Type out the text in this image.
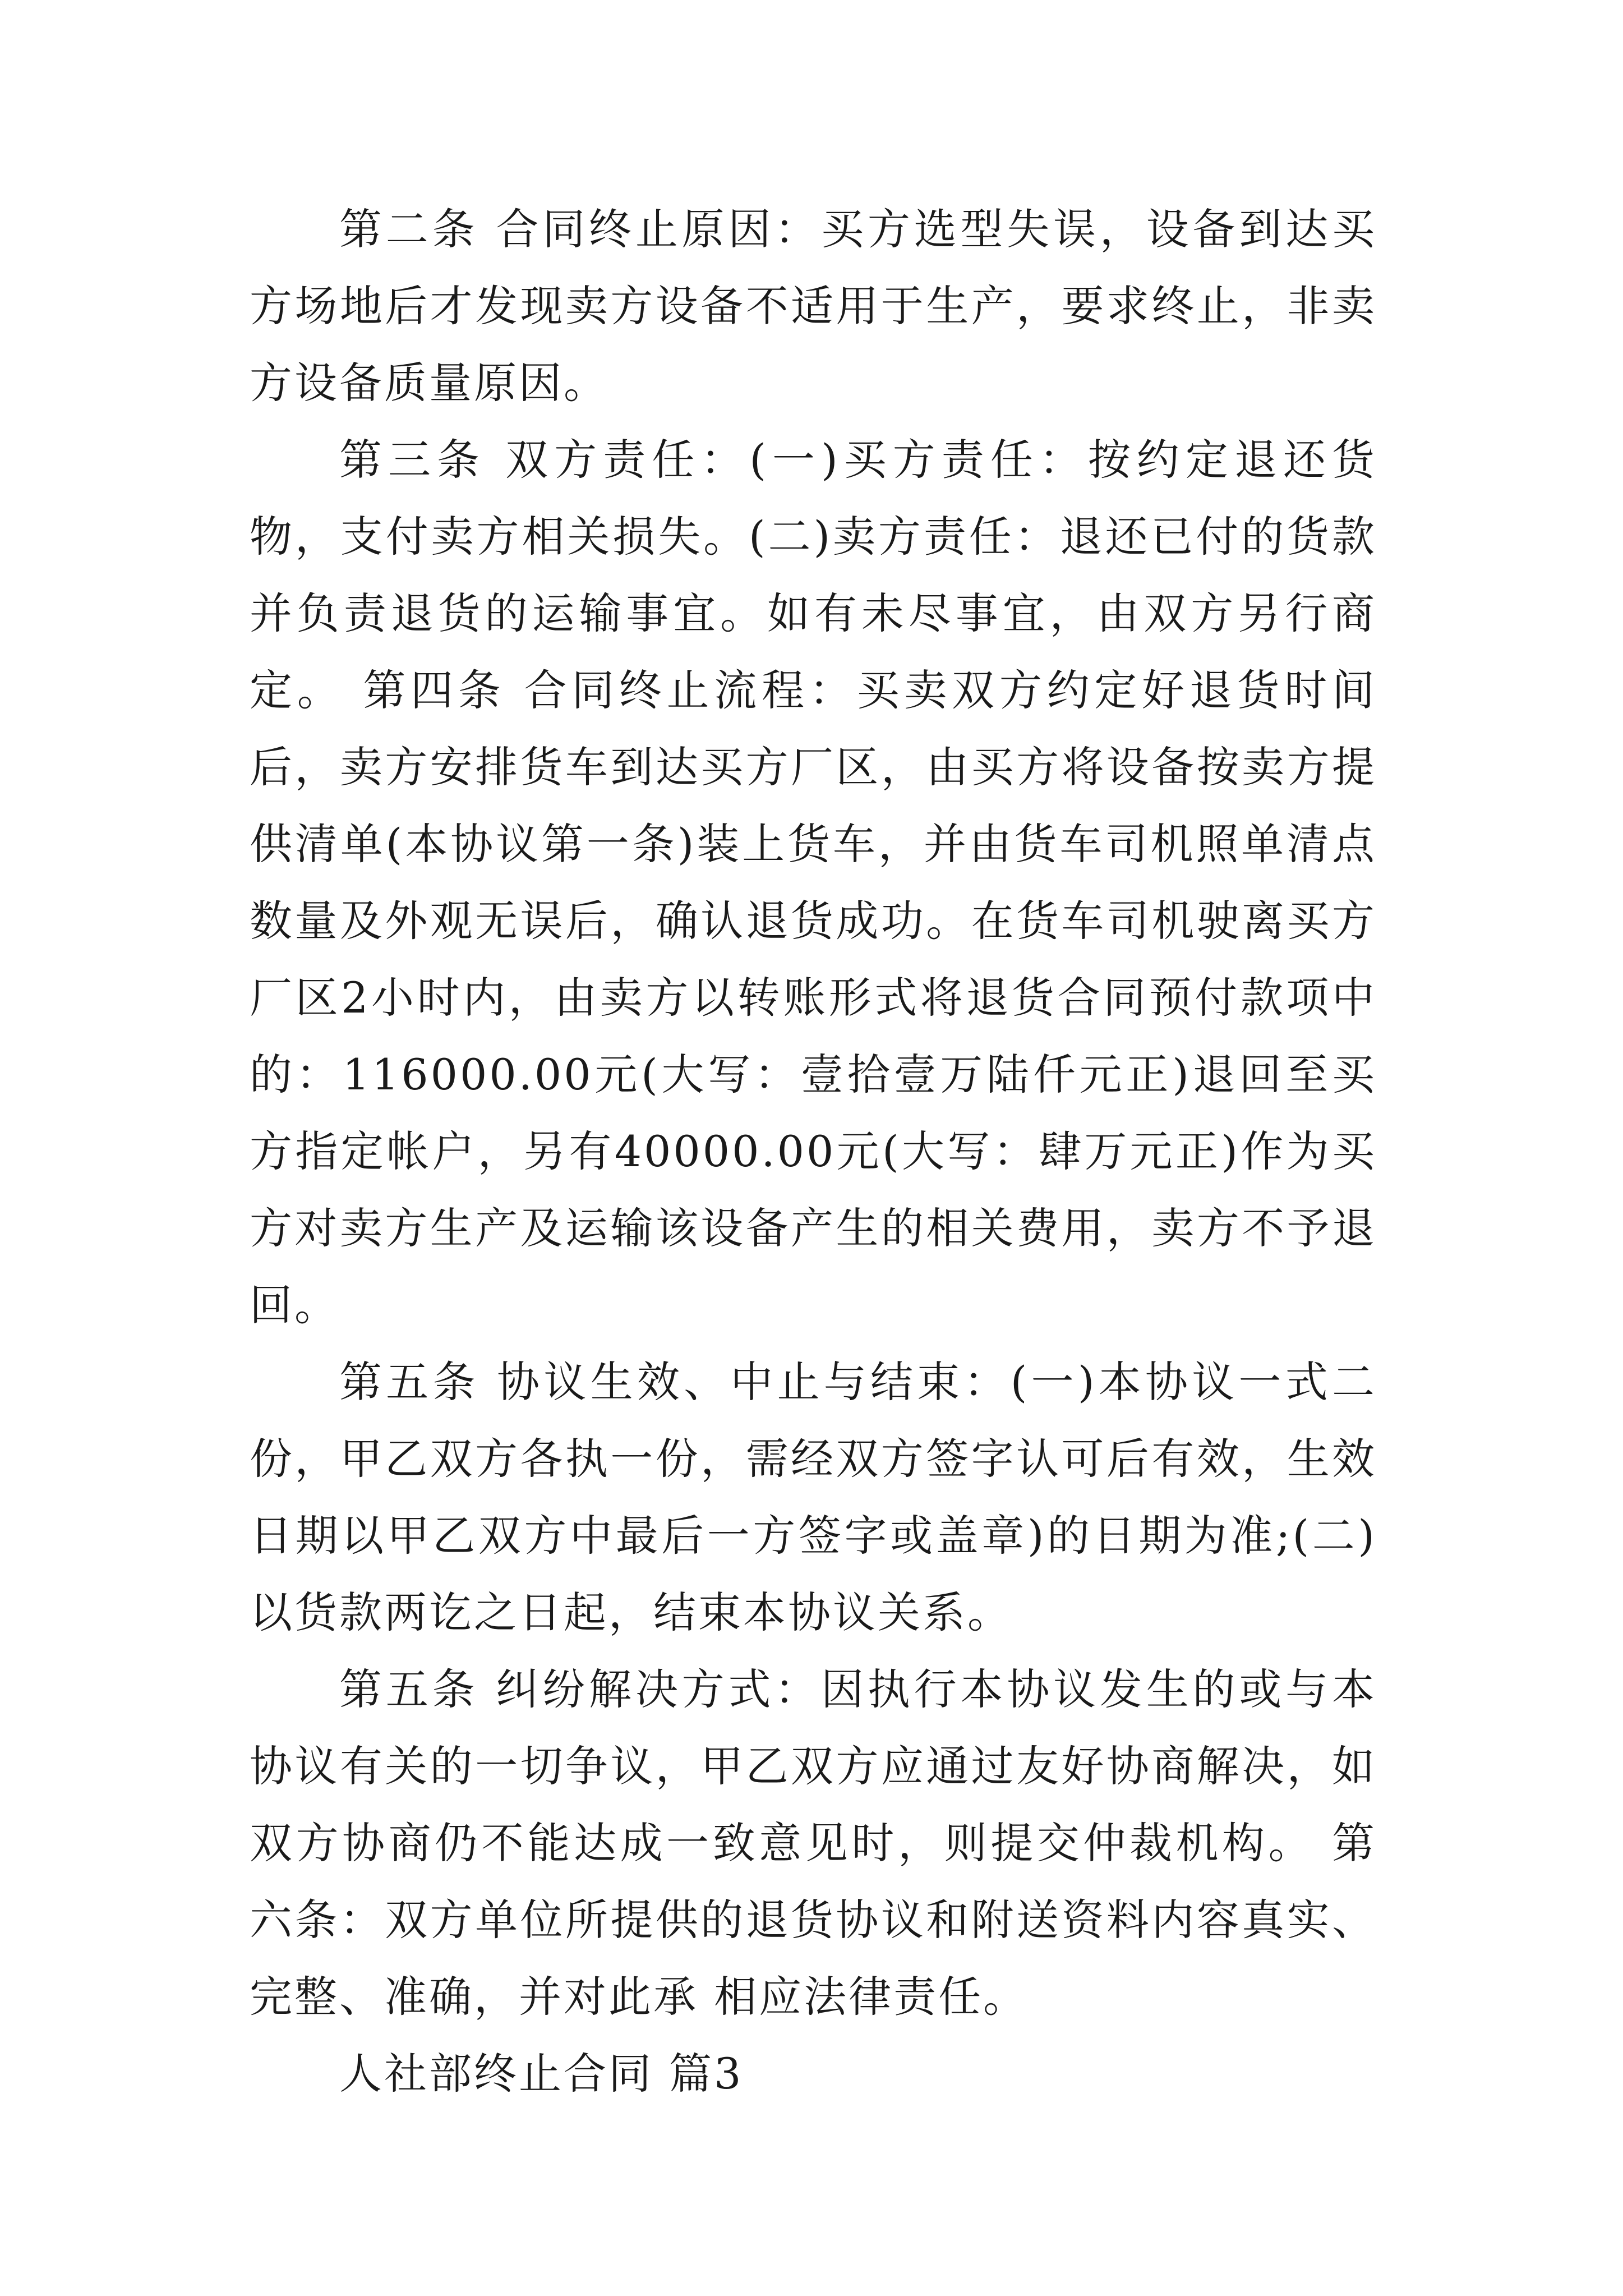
第二条 合同终止原因：买方选型失误，设备到达买方场地后才发现卖方设备不适用于生产，要求终止，非卖方设备质量原因。

第三条 双方责任：(一)买方责任：按约定退还货物，支付卖方相关损失。(二)卖方责任：退还已付的货款并负责退货的运输事宜。如有未尽事宜，由双方另行商定。 第四条 合同终止流程：买卖双方约定好退货时间后，卖方安排货车到达买方厂区，由买方将设备按卖方提供清单(本协议第一条)装上货车，并由货车司机照单清点数量及外观无误后，确认退货成功。在货车司机驶离买方厂区2小时内，由卖方以转账形式将退货合同预付款项中的：116000.00元(大写：壹拾壹万陆仟元正)退回至买方指定帐户，另有40000.00元(大写：肆万元正)作为买方对卖方生产及运输该设备产生的相关费用，卖方不予退回。

第五条 协议生效、中止与结束：(一)本协议一式二份，甲乙双方各执一份，需经双方签字认可后有效，生效日期以甲乙双方中最后一方签字或盖章)的日期为准;(二)以货款两讫之日起，结束本协议关系。

第五条 纠纷解决方式：因执行本协议发生的或与本协议有关的一切争议，甲乙双方应通过友好协商解决，如双方协商仍不能达成一致意见时，则提交仲裁机构。 第六条：双方单位所提供的退货协议和附送资料内容真实、完整、准确，并对此承 相应法律责任。

人社部终止合同 篇3
